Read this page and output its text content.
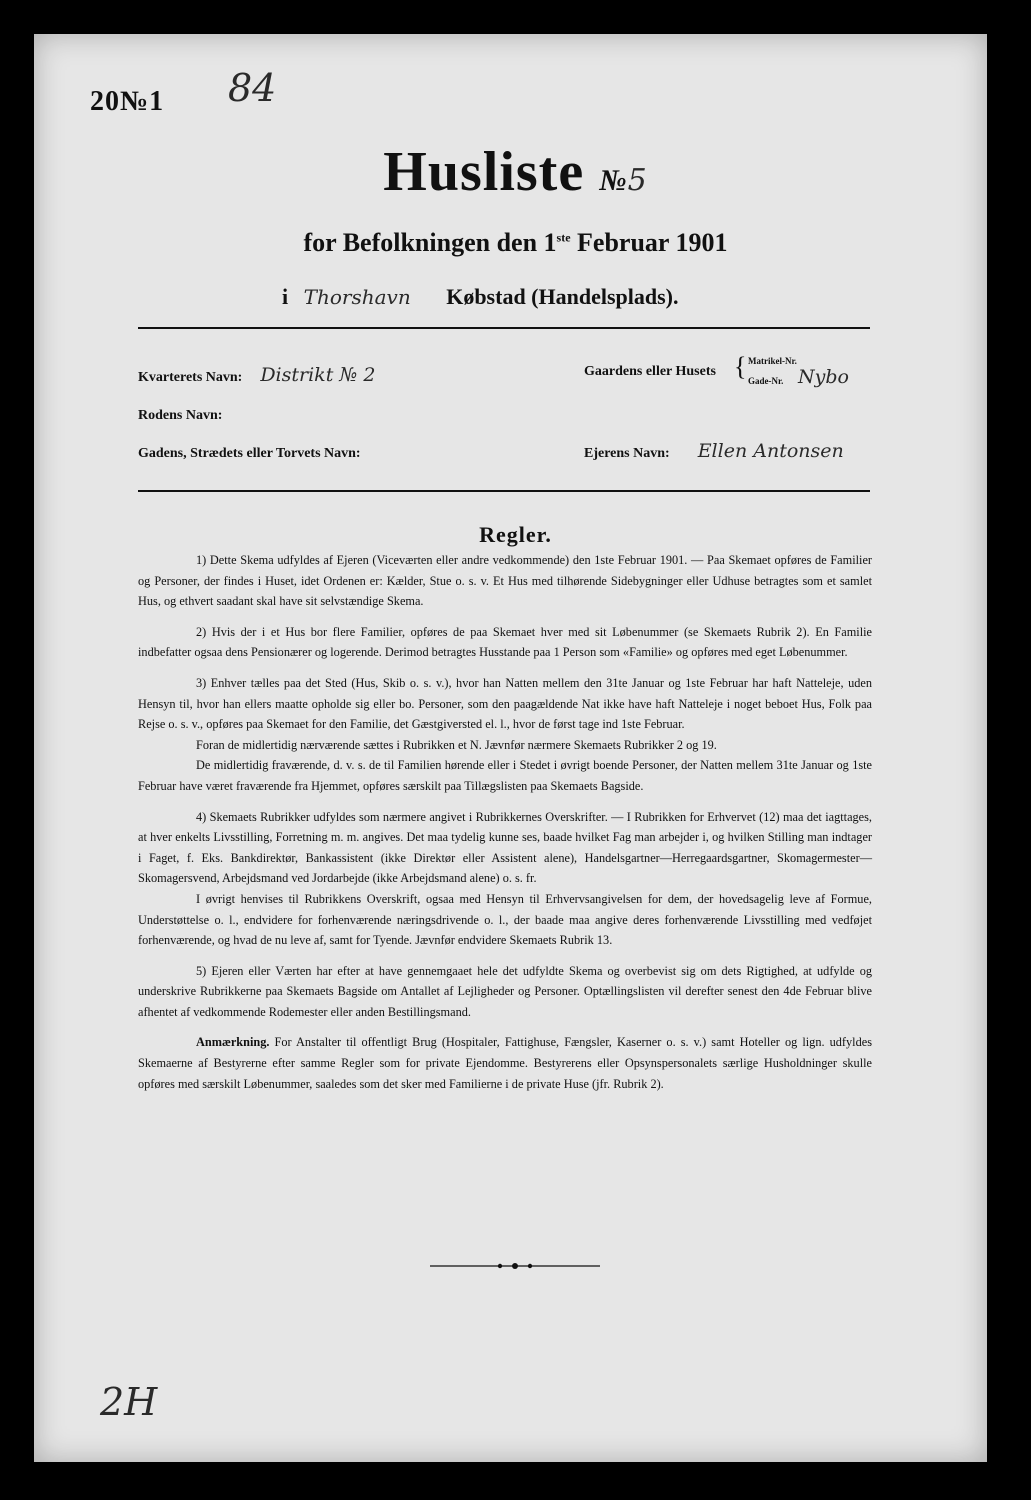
20№1 84
Husliste №5
for Befolkningen den 1ste Februar 1901
i Thorshavn Købstad (Handelsplads).
Kvarterets Navn: Distrikt № 2	Gaardens eller Husets { Matrikel-Nr.
Gade-Nr. Nybo
Rodens Navn:
Gadens, Strædets eller Torvets Navn:	Ejerens Navn: Ellen Antonsen
Regler.

1) Dette Skema udfyldes af Ejeren (Viceværten eller andre vedkommende) den 1ste Februar 1901. — Paa Skemaet opføres de Familier og Personer, der findes i Huset, idet Ordenen er: Kælder, Stue o. s. v. Et Hus med tilhørende Sidebygninger eller Udhuse betragtes som et samlet Hus, og ethvert saadant skal have sit selvstændige Skema.

2) Hvis der i et Hus bor flere Familier, opføres de paa Skemaet hver med sit Løbenummer (se Skemaets Rubrik 2). En Familie indbefatter ogsaa dens Pensionærer og logerende. Derimod betragtes Husstande paa 1 Person som «Familie» og opføres med eget Løbenummer.

3) Enhver tælles paa det Sted (Hus, Skib o. s. v.), hvor han Natten mellem den 31te Januar og 1ste Februar har haft Natteleje, uden Hensyn til, hvor han ellers maatte opholde sig eller bo. Personer, som den paagældende Nat ikke have haft Natteleje i noget beboet Hus, Folk paa Rejse o. s. v., opføres paa Skemaet for den Familie, det Gæstgiversted el. l., hvor de først tage ind 1ste Februar.

Foran de midlertidig nærværende sættes i Rubrikken et N. Jævnfør nærmere Skemaets Rubrikker 2 og 19.

De midlertidig fraværende, d. v. s. de til Familien hørende eller i Stedet i øvrigt boende Personer, der Natten mellem 31te Januar og 1ste Februar have været fraværende fra Hjemmet, opføres særskilt paa Tillægslisten paa Skemaets Bagside.

4) Skemaets Rubrikker udfyldes som nærmere angivet i Rubrikkernes Overskrifter. — I Rubrikken for Erhvervet (12) maa det iagttages, at hver enkelts Livsstilling, Forretning m. m. angives. Det maa tydelig kunne ses, baade hvilket Fag man arbejder i, og hvilken Stilling man indtager i Faget, f. Eks. Bankdirektør, Bankassistent (ikke Direktør eller Assistent alene), Handelsgartner—Herregaardsgartner, Skomagermester—Skomagersvend, Arbejdsmand ved Jordarbejde (ikke Arbejdsmand alene) o. s. fr.

I øvrigt henvises til Rubrikkens Overskrift, ogsaa med Hensyn til Erhvervsangivelsen for dem, der hovedsagelig leve af Formue, Understøttelse o. l., endvidere for forhenværende næringsdrivende o. l., der baade maa angive deres forhenværende Livsstilling med vedføjet forhenværende, og hvad de nu leve af, samt for Tyende. Jævnfør endvidere Skemaets Rubrik 13.

5) Ejeren eller Værten har efter at have gennemgaaet hele det udfyldte Skema og overbevist sig om dets Rigtighed, at udfylde og underskrive Rubrikkerne paa Skemaets Bagside om Antallet af Lejligheder og Personer. Optællingslisten vil derefter senest den 4de Februar blive afhentet af vedkommende Rodemester eller anden Bestillingsmand.

Anmærkning. For Anstalter til offentligt Brug (Hospitaler, Fattighuse, Fængsler, Kaserner o. s. v.) samt Hoteller og lign. udfyldes Skemaerne af Bestyrerne efter samme Regler som for private Ejendomme. Bestyrerens eller Opsynspersonalets særlige Husholdninger skulle opføres med særskilt Løbenummer, saaledes som det sker med Familierne i de private Huse (jfr. Rubrik 2).

2H
